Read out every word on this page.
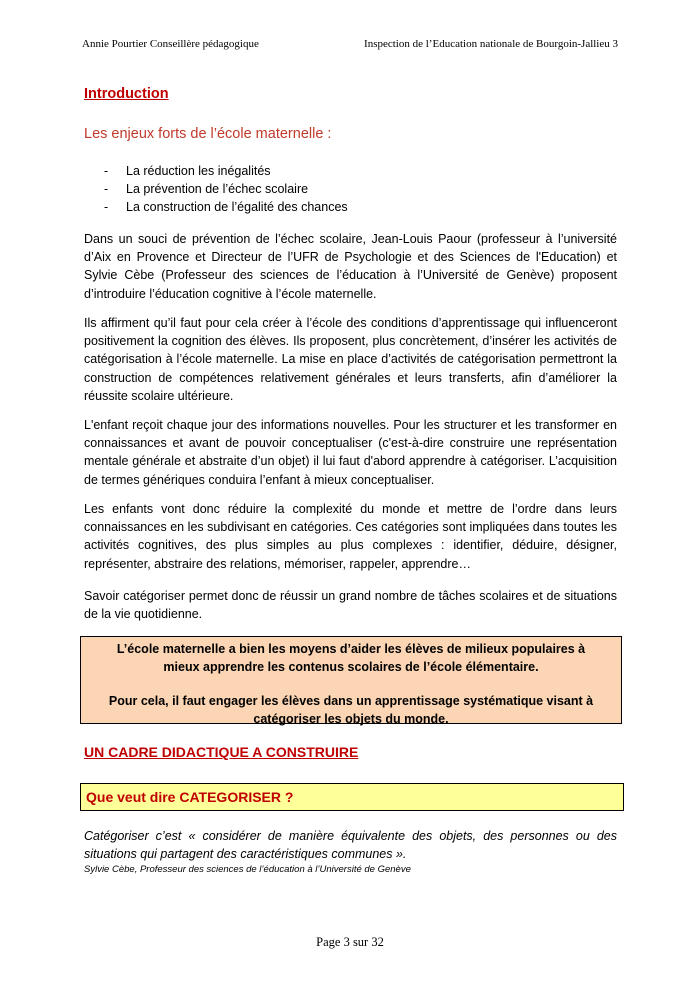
Annie Pourtier Conseillère pédagogique	Inspection de l’Education nationale de Bourgoin-Jallieu 3
Introduction
Les enjeux forts de l’école maternelle :
-	La réduction les inégalités
-	La prévention de l’échec scolaire
-	La construction de l’égalité des chances

Dans un souci de prévention de l’échec scolaire, Jean-Louis Paour (professeur à l’université d’Aix en Provence et Directeur de l’UFR de Psychologie et des Sciences de l'Education) et Sylvie Cèbe (Professeur des sciences de l’éducation à l’Université de Genève) proposent d’introduire l’éducation cognitive à l’école maternelle.

Ils affirment qu’il faut pour cela créer à l’école des conditions d’apprentissage qui influenceront positivement la cognition des élèves. Ils proposent, plus concrètement, d’insérer les activités de catégorisation à l’école maternelle. La mise en place d’activités de catégorisation permettront la construction de compétences relativement générales et leurs transferts, afin d’améliorer la réussite scolaire ultérieure.

L'enfant reçoit chaque jour des informations nouvelles. Pour les structurer et les transformer en connaissances et avant de pouvoir conceptualiser (c'est-à-dire construire une représentation mentale générale et abstraite d’un objet) il lui faut d'abord apprendre à catégoriser. L’acquisition de termes génériques conduira l’enfant à mieux conceptualiser.

Les enfants vont donc réduire la complexité du monde et mettre de l’ordre dans leurs connaissances en les subdivisant en catégories. Ces catégories sont impliquées dans toutes les activités cognitives, des plus simples au plus complexes : identifier, déduire, désigner, représenter, abstraire des relations, mémoriser, rappeler, apprendre…

Savoir catégoriser permet donc de réussir un grand nombre de tâches scolaires et de situations de la vie quotidienne.

L’école maternelle a bien les moyens d’aider les élèves de milieux populaires à mieux apprendre les contenus scolaires de l’école élémentaire.

Pour cela, il faut engager les élèves dans un apprentissage systématique visant à catégoriser les objets du monde.

UN CADRE DIDACTIQUE A CONSTRUIRE
Que veut dire CATEGORISER ?

Catégoriser c’est « considérer de manière équivalente des objets, des personnes ou des situations qui partagent des caractéristiques communes ».

Sylvie Cèbe, Professeur des sciences de l’éducation à l’Université de Genève

Page 3 sur 32
